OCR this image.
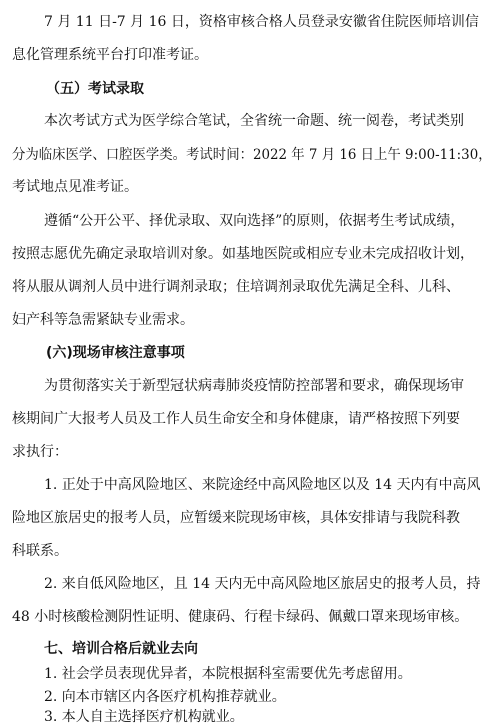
7 月 11 日-7 月 16 日，资格审核合格人员登录安徽省住院医师培训信
息化管理系统平台打印准考证。
（五）考试录取
本次考试方式为医学综合笔试，全省统一命题、统一阅卷，考试类别
分为临床医学、口腔医学类。考试时间：2022 年 7 月 16 日上午 9:00-11:30，
考试地点见准考证。
遵循“公开公平、择优录取、双向选择”的原则，依据考生考试成绩，
按照志愿优先确定录取培训对象。如基地医院或相应专业未完成招收计划，
将从服从调剂人员中进行调剂录取；住培调剂录取优先满足全科、儿科、
妇产科等急需紧缺专业需求。
(六)现场审核注意事项
为贯彻落实关于新型冠状病毒肺炎疫情防控部署和要求，确保现场审
核期间广大报考人员及工作人员生命安全和身体健康，请严格按照下列要
求执行：
1. 正处于中高风险地区、来院途经中高风险地区以及 14 天内有中高风
险地区旅居史的报考人员，应暂缓来院现场审核，具体安排请与我院科教
科联系。
2. 来自低风险地区，且 14 天内无中高风险地区旅居史的报考人员，持
48 小时核酸检测阴性证明、健康码、行程卡绿码、佩戴口罩来现场审核。
七、培训合格后就业去向
1. 社会学员表现优异者，本院根据科室需要优先考虑留用。
2. 向本市辖区内各医疗机构推荐就业。
3. 本人自主选择医疗机构就业。
